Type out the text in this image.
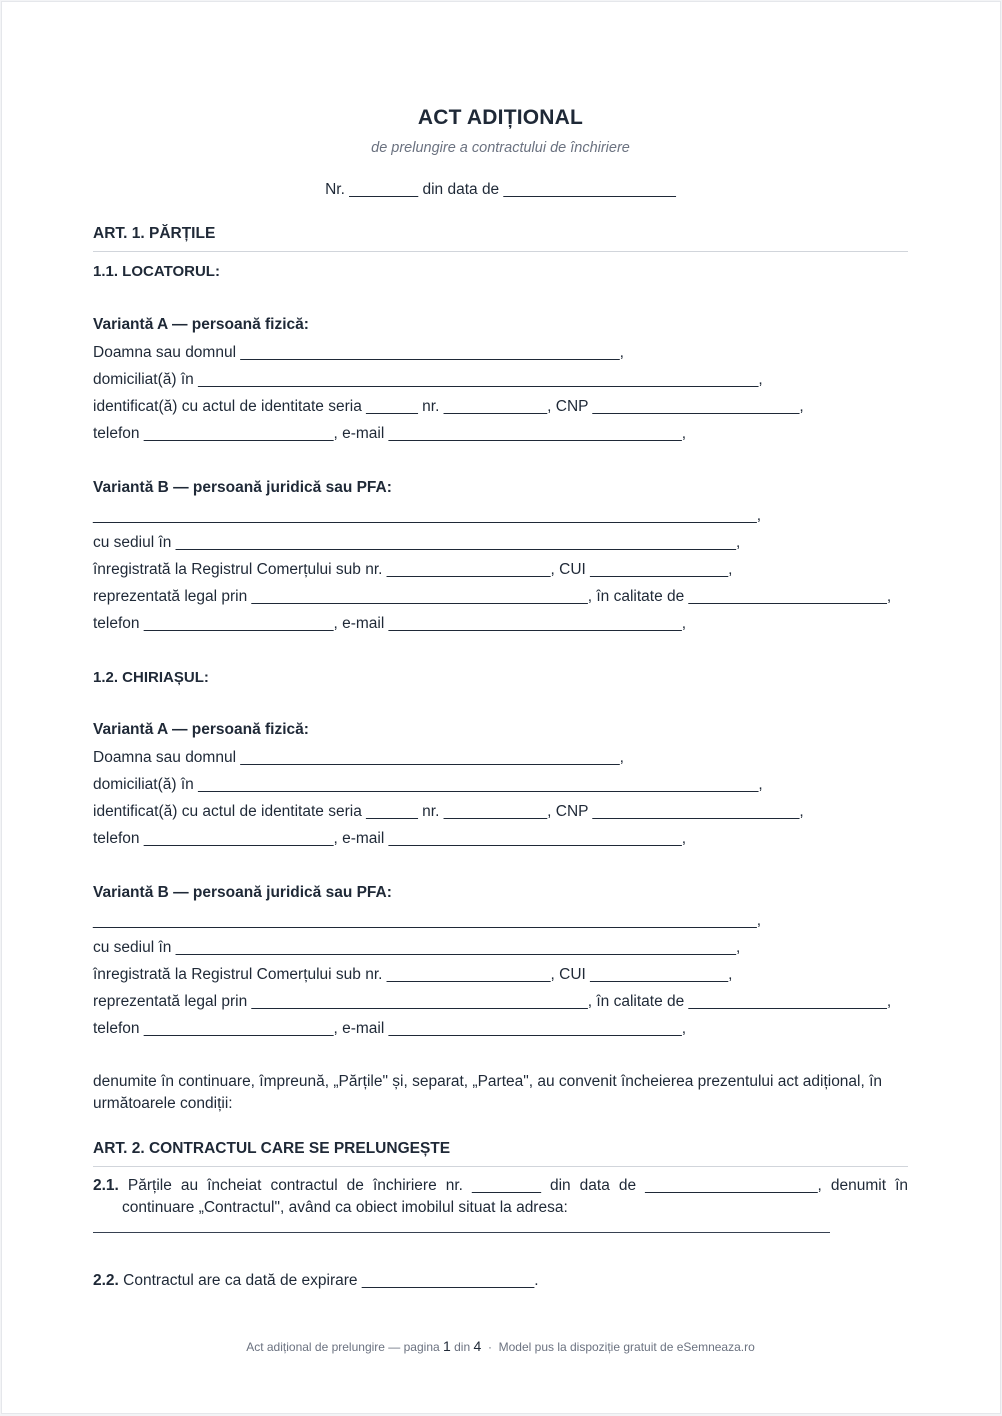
ACT ADIȚIONAL
de prelungire a contractului de închiriere
Nr. ________ din data de ____________________
ART. 1. PĂRȚILE
1.1. LOCATORUL:
Variantă A — persoană fizică:
Doamna sau domnul ____________________________________________,
domiciliat(ă) în _________________________________________________________________,
identificat(ă) cu actul de identitate seria ______ nr. ____________, CNP ________________________,
telefon ______________________, e-mail __________________________________,
Variantă B — persoană juridică sau PFA:
_____________________________________________________________________________,
cu sediul în _________________________________________________________________,
înregistrată la Registrul Comerțului sub nr. ___________________, CUI ________________,
reprezentată legal prin _______________________________________, în calitate de _______________________,
telefon ______________________, e-mail __________________________________,
1.2. CHIRIAȘUL:
Variantă A — persoană fizică:
Doamna sau domnul ____________________________________________,
domiciliat(ă) în _________________________________________________________________,
identificat(ă) cu actul de identitate seria ______ nr. ____________, CNP ________________________,
telefon ______________________, e-mail __________________________________,
Variantă B — persoană juridică sau PFA:
_____________________________________________________________________________,
cu sediul în _________________________________________________________________,
înregistrată la Registrul Comerțului sub nr. ___________________, CUI ________________,
reprezentată legal prin _______________________________________, în calitate de _______________________,
telefon ______________________, e-mail __________________________________,
denumite în continuare, împreună, „Părțile" și, separat, „Partea", au convenit încheierea prezentului act adițional, în următoarele condiții:
ART. 2. CONTRACTUL CARE SE PRELUNGEȘTE
2.1. Părțile au încheiat contractul de închiriere nr. ________ din data de ____________________, denumit în continuare „Contractul", având ca obiect imobilul situat la adresa:
2.2. Contractul are ca dată de expirare ____________________.
Act adițional de prelungire — pagina 1 din 4  ·  Model pus la dispoziție gratuit de eSemneaza.ro
